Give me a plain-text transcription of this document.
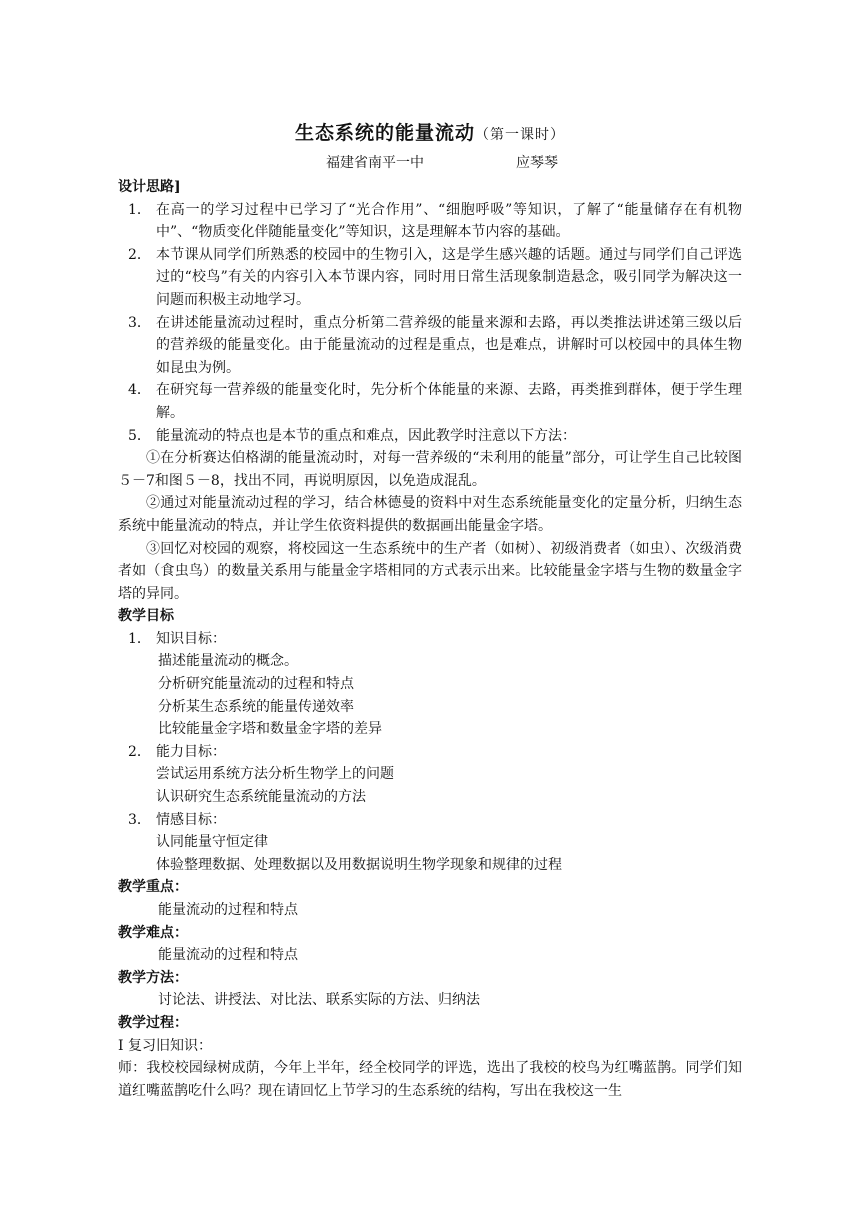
生态系统的能量流动（第一课时）
福建省南平一中	应琴琴
设计思路]
1． 在高一的学习过程中已学习了“光合作用”、“细胞呼吸”等知识，了解了“能量储存在有机物中”、“物质变化伴随能量变化”等知识，这是理解本节内容的基础。
2． 本节课从同学们所熟悉的校园中的生物引入，这是学生感兴趣的话题。通过与同学们自己评选过的“校鸟”有关的内容引入本节课内容，同时用日常生活现象制造悬念，吸引同学为解决这一问题而积极主动地学习。
3． 在讲述能量流动过程时，重点分析第二营养级的能量来源和去路，再以类推法讲述第三级以后的营养级的能量变化。由于能量流动的过程是重点，也是难点，讲解时可以校园中的具体生物如昆虫为例。
4． 在研究每一营养级的能量变化时，先分析个体能量的来源、去路，再类推到群体，便于学生理解。
5． 能量流动的特点也是本节的重点和难点，因此教学时注意以下方法：
①在分析赛达伯格湖的能量流动时，对每一营养级的“未利用的能量”部分，可让学生自己比较图５－7和图５－8，找出不同，再说明原因，以免造成混乱。
②通过对能量流动过程的学习，结合林德曼的资料中对生态系统能量变化的定量分析，归纳生态系统中能量流动的特点，并让学生依资料提供的数据画出能量金字塔。
③回忆对校园的观察，将校园这一生态系统中的生产者（如树）、初级消费者（如虫）、次级消费者如（食虫鸟）的数量关系用与能量金字塔相同的方式表示出来。比较能量金字塔与生物的数量金字塔的异同。
教学目标
1． 知识目标：
描述能量流动的概念。
分析研究能量流动的过程和特点
分析某生态系统的能量传递效率
比较能量金字塔和数量金字塔的差异
2． 能力目标：
尝试运用系统方法分析生物学上的问题
认识研究生态系统能量流动的方法
3． 情感目标：
认同能量守恒定律
体验整理数据、处理数据以及用数据说明生物学现象和规律的过程
教学重点：
能量流动的过程和特点
教学难点：
能量流动的过程和特点
教学方法：
讨论法、讲授法、对比法、联系实际的方法、归纳法
教学过程：
I 复习旧知识：
师：我校校园绿树成荫，今年上半年，经全校同学的评选，选出了我校的校鸟为红嘴蓝鹊。同学们知道红嘴蓝鹊吃什么吗？现在请回忆上节学习的生态系统的结构，写出在我校这一生
